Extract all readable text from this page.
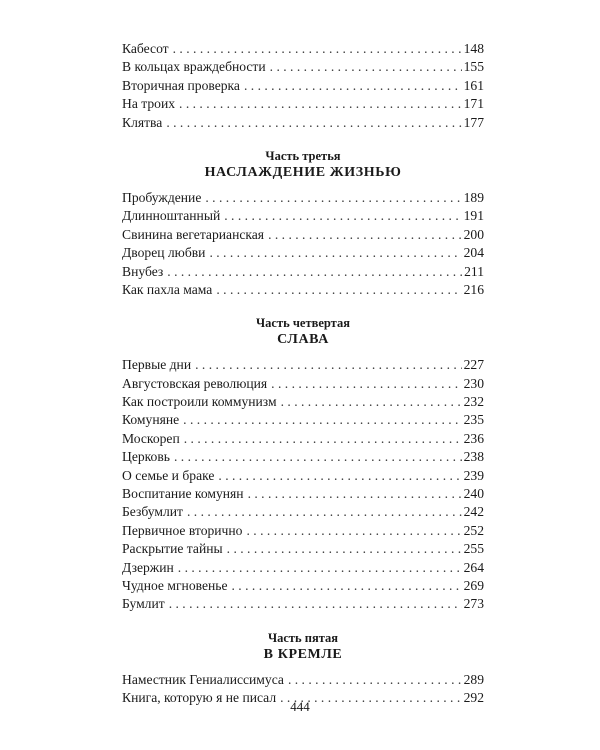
Кабесот . . .	148
В кольцах враждебности . . .	155
Вторичная проверка . . .	161
На троих . . .	171
Клятва . . .	177
Часть третья
НАСЛАЖДЕНИЕ ЖИЗНЬЮ
Пробуждение . . .	189
Длинноштанный . . .	191
Свинина вегетарианская . . .	200
Дворец любви . . .	204
Внубез . . .	211
Как пахла мама . . .	216
Часть четвертая
СЛАВА
Первые дни . . .	227
Августовская революция . . .	230
Как построили коммунизм . . .	232
Комуняне . . .	235
Москореп . . .	236
Церковь . . .	238
О семье и браке . . .	239
Воспитание комунян . . .	240
Безбумлит . . .	242
Первичное вторично . . .	252
Раскрытие тайны . . .	255
Дзержин . . .	264
Чудное мгновенье . . .	269
Бумлит . . .	273
Часть пятая
В КРЕМЛЕ
Наместник Гениалиссимуса . . .	289
Книга, которую я не писал . . .	292
444
